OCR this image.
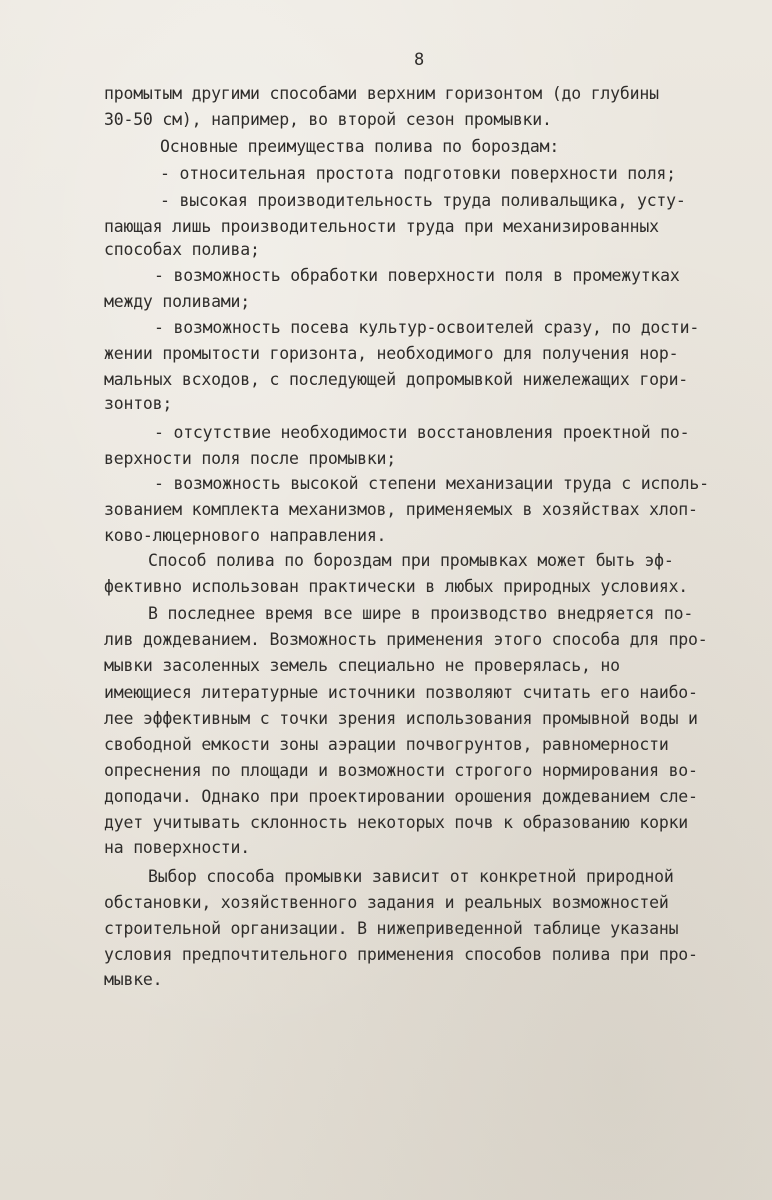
8
промытым другими способами верхним горизонтом (до глубины
30-50 см), например, во второй сезон промывки.
Основные преимущества полива по бороздам:
- относительная простота подготовки поверхности поля;
- высокая производительность труда поливальщика, усту-
пающая лишь производительности труда при механизированных
способах полива;
- возможность обработки поверхности поля в промежутках
между поливами;
- возможность посева культур-освоителей сразу, по дости-
жении промытости горизонта, необходимого для получения нор-
мальных всходов, с последующей допромывкой нижележащих гори-
зонтов;
- отсутствие необходимости восстановления проектной по-
верхности поля после промывки;
- возможность высокой степени механизации труда с исполь-
зованием комплекта механизмов, применяемых в хозяйствах хлоп-
ково-люцернового направления.
Способ полива по бороздам при промывках может быть эф-
фективно использован практически в любых природных условиях.
В последнее время все шире в производство внедряется по-
лив дождеванием. Возможность применения этого способа для про-
мывки засоленных земель специально не проверялась, но
имеющиеся литературные источники позволяют считать его наибо-
лее эффективным с точки зрения использования промывной воды и
свободной емкости зоны аэрации почвогрунтов, равномерности
опреснения по площади и возможности строгого нормирования во-
доподачи. Однако при проектировании орошения дождеванием сле-
дует учитывать склонность некоторых почв к образованию корки
на поверхности.
Выбор способа промывки зависит от конкретной природной
обстановки, хозяйственного задания и реальных возможностей
строительной организации. В нижеприведенной таблице указаны
условия предпочтительного применения способов полива при про-
мывке.
